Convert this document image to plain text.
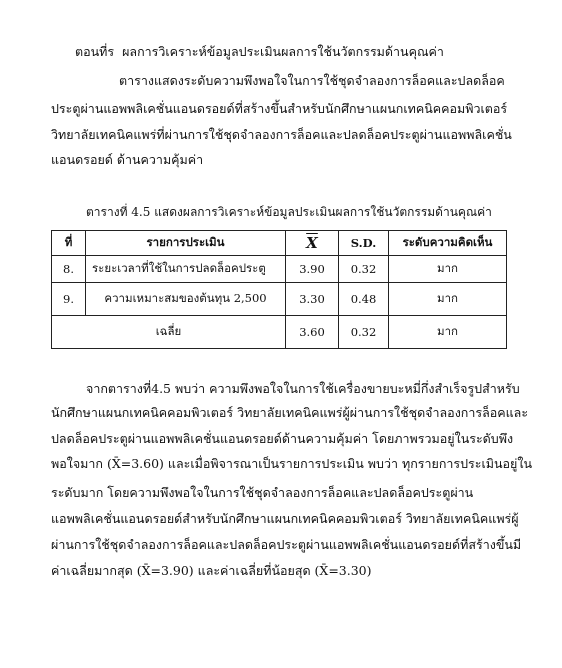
ตอนที่ร ผลการวิเคราะห์ข้อมูลประเมินผลการใช้นวัตกรรมด้านคุณค่า
ตารางแสดงระดับความพึงพอใจในการใช้ชุดจำลองการล็อคและปลดล็อค
ประตูผ่านแอพพลิเคชั่นแอนดรอยด์ที่สร้างขึ้นสำหรับนักศึกษาแผนกเทคนิคคอมพิวเตอร์
วิทยาลัยเทคนิคแพร่ที่ผ่านการใช้ชุดจำลองการล็อคและปลดล็อคประตูผ่านแอพพลิเคชั่น
แอนดรอยด์ ด้านความคุ้มค่า
ตารางที่ 4.5 แสดงผลการวิเคราะห์ข้อมูลประเมินผลการใช้นวัตกรรมด้านคุณค่า
ที่	รายการประเมิน	$\overline{X}$	S.D.	ระดับความคิดเห็น
8.	ระยะเวลาที่ใช้ในการปลดล็อคประตู	3.90	0.32	มาก
9.	ความเหมาะสมของต้นทุน 2,500	3.30	0.48	มาก
เฉลี่ย		3.60	0.32	มาก
จากตารางที่4.5 พบว่า ความพึงพอใจในการใช้เครื่องขายบะหมี่กึ่งสำเร็จรูปสำหรับ
นักศึกษาแผนกเทคนิคคอมพิวเตอร์ วิทยาลัยเทคนิคแพร่ผู้ผ่านการใช้ชุดจำลองการล็อคและ
ปลดล็อคประตูผ่านแอพพลิเคชั่นแอนดรอยด์ด้านความคุ้มค่า โดยภาพรวมอยู่ในระดับพึง
พอใจมาก (X̄=3.60) และเมื่อพิจารณาเป็นรายการประเมิน พบว่า ทุกรายการประเมินอยู่ใน
ระดับมาก โดยความพึงพอใจในการใช้ชุดจำลองการล็อคและปลดล็อคประตูผ่าน
แอพพลิเคชั่นแอนดรอยด์สำหรับนักศึกษาแผนกเทคนิคคอมพิวเตอร์ วิทยาลัยเทคนิคแพร่ผู้
ผ่านการใช้ชุดจำลองการล็อคและปลดล็อคประตูผ่านแอพพลิเคชั่นแอนดรอยด์ที่สร้างขึ้นมี
ค่าเฉลี่ยมากสุด (X̄=3.90) และค่าเฉลี่ยที่น้อยสุด (X̄=3.30)
